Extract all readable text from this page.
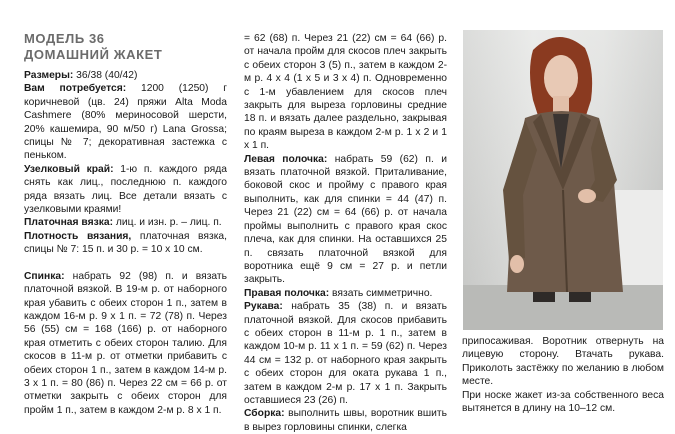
МОДЕЛЬ 36

ДОМАШНИЙ ЖАКЕТ

Размеры: 36/38 (40/42)

Вам потребуется: 1200 (1250) г коричневой (цв. 24) пряжи Alta Moda Cashmere (80% мериносовой шерсти, 20% кашемира, 90 м/50 г) Lana Grossa; спицы № 7; декоративная застежка с пеньком.

Узелковый край: 1-ю п. каждого ряда снять как лиц., последнюю п. каждого ряда вязать лиц. Все детали вязать с узелковыми краями!

Платочная вязка: лиц. и изн. р. – лиц. п.

Плотность вязания, платочная вязка, спицы № 7: 15 п. и 30 р. = 10 х 10 см.

Спинка: набрать 92 (98) п. и вязать платочной вязкой. В 19-м р. от наборного края убавить с обеих сторон 1 п., затем в каждом 16-м р. 9 х 1 п. = 72 (78) п. Через 56 (55) см = 168 (166) р. от наборного края отметить с обеих сторон талию. Для скосов в 11-м р. от отметки прибавить с обеих сторон 1 п., затем в каждом 14-м р. 3 х 1 п. = 80 (86) п. Через 22 см = 66 р. от отметки закрыть с обеих сторон для пройм 1 п., затем в каждом 2-м р. 8 х 1 п.

= 62 (68) п. Через 21 (22) см = 64 (66) р. от начала пройм для скосов плеч закрыть с обеих сторон 3 (5) п., затем в каждом 2-м р. 4 х 4 (1 х 5 и 3 х 4) п. Одновременно с 1-м убавлением для скосов плеч закрыть для выреза горловины средние 18 п. и вязать далее раздельно, закрывая по краям выреза в каждом 2-м р. 1 х 2 и 1 х 1 п.

Левая полочка: набрать 59 (62) п. и вязать платочной вязкой. Приталивание, боковой скос и пройму с правого края выполнить, как для спинки = 44 (47) п. Через 21 (22) см = 64 (66) р. от начала проймы выполнить с правого края скос плеча, как для спинки. На оставшихся 25 п. связать платочной вязкой для воротника ещё 9 см = 27 р. и петли закрыть.

Правая полочка: вязать симметрично.

Рукава: набрать 35 (38) п. и вязать платочной вязкой. Для скосов прибавить с обеих сторон в 11-м р. 1 п., затем в каждом 10-м р. 11 х 1 п. = 59 (62) п. Через 44 см = 132 р. от наборного края закрыть с обеих сторон для оката рукава 1 п., затем в каждом 2-м р. 17 х 1 п. Закрыть оставшиеся 23 (26) п.

Сборка: выполнить швы, воротник вшить в вырез горловины спинки, слегка

припосаживая. Воротник отвернуть на лицевую сторону. Втачать рукава. Приколоть застёжку по желанию в любом месте.

При носке жакет из-за собственного веса вытянется в длину на 10–12 см.
